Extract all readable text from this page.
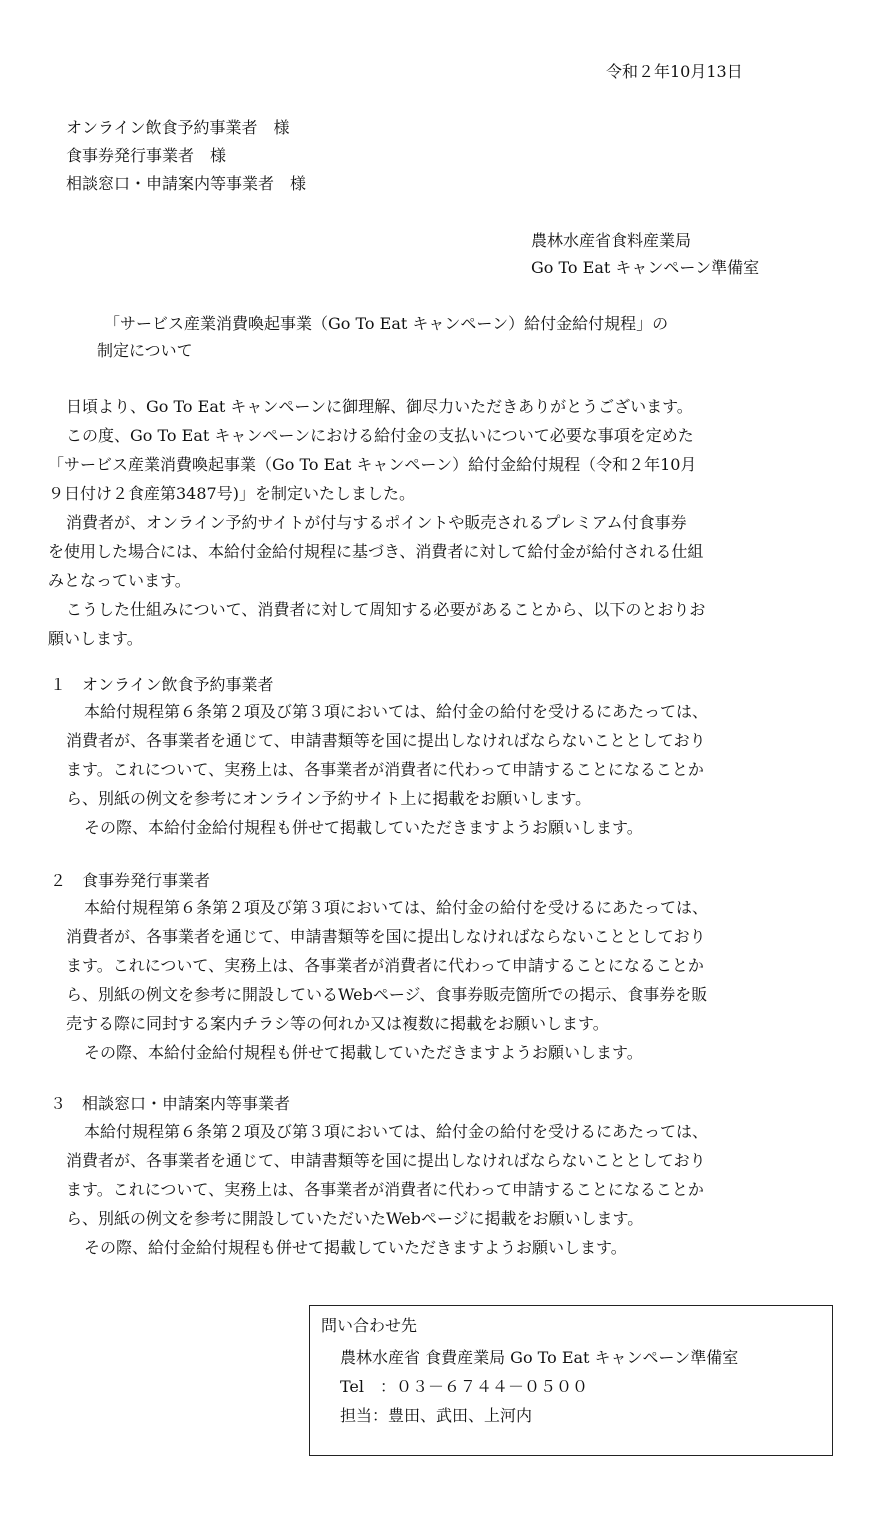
令和２年10月13日
オンライン飲食予約事業者　様
食事券発行事業者　様
相談窓口・申請案内等事業者　様
農林水産省食料産業局
Go To Eat キャンペーン準備室
「サービス産業消費喚起事業（Go To Eat キャンペーン）給付金給付規程」の
制定について
日頃より、Go To Eat キャンペーンに御理解、御尽力いただきありがとうございます。
この度、Go To Eat キャンペーンにおける給付金の支払いについて必要な事項を定めた
「サービス産業消費喚起事業（Go To Eat キャンペーン）給付金給付規程（令和２年10月
９日付け２食産第3487号)」を制定いたしました。
消費者が、オンライン予約サイトが付与するポイントや販売されるプレミアム付食事券
を使用した場合には、本給付金給付規程に基づき、消費者に対して給付金が給付される仕組
みとなっています。
こうした仕組みについて、消費者に対して周知する必要があることから、以下のとおりお
願いします。
１　オンライン飲食予約事業者
本給付規程第６条第２項及び第３項においては、給付金の給付を受けるにあたっては、
消費者が、各事業者を通じて、申請書類等を国に提出しなければならないこととしており
ます。これについて、実務上は、各事業者が消費者に代わって申請することになることか
ら、別紙の例文を参考にオンライン予約サイト上に掲載をお願いします。
その際、本給付金給付規程も併せて掲載していただきますようお願いします。
２　食事券発行事業者
本給付規程第６条第２項及び第３項においては、給付金の給付を受けるにあたっては、
消費者が、各事業者を通じて、申請書類等を国に提出しなければならないこととしており
ます。これについて、実務上は、各事業者が消費者に代わって申請することになることか
ら、別紙の例文を参考に開設しているWebページ、食事券販売箇所での掲示、食事券を販
売する際に同封する案内チラシ等の何れか又は複数に掲載をお願いします。
その際、本給付金給付規程も併せて掲載していただきますようお願いします。
３　相談窓口・申請案内等事業者
本給付規程第６条第２項及び第３項においては、給付金の給付を受けるにあたっては、
消費者が、各事業者を通じて、申請書類等を国に提出しなければならないこととしており
ます。これについて、実務上は、各事業者が消費者に代わって申請することになることか
ら、別紙の例文を参考に開設していただいたWebページに掲載をお願いします。
その際、給付金給付規程も併せて掲載していただきますようお願いします。
問い合わせ先
農林水産省 食費産業局 Go To Eat キャンペーン準備室
Tel　：０３－６７４４－０５００
担当：豊田、武田、上河内
